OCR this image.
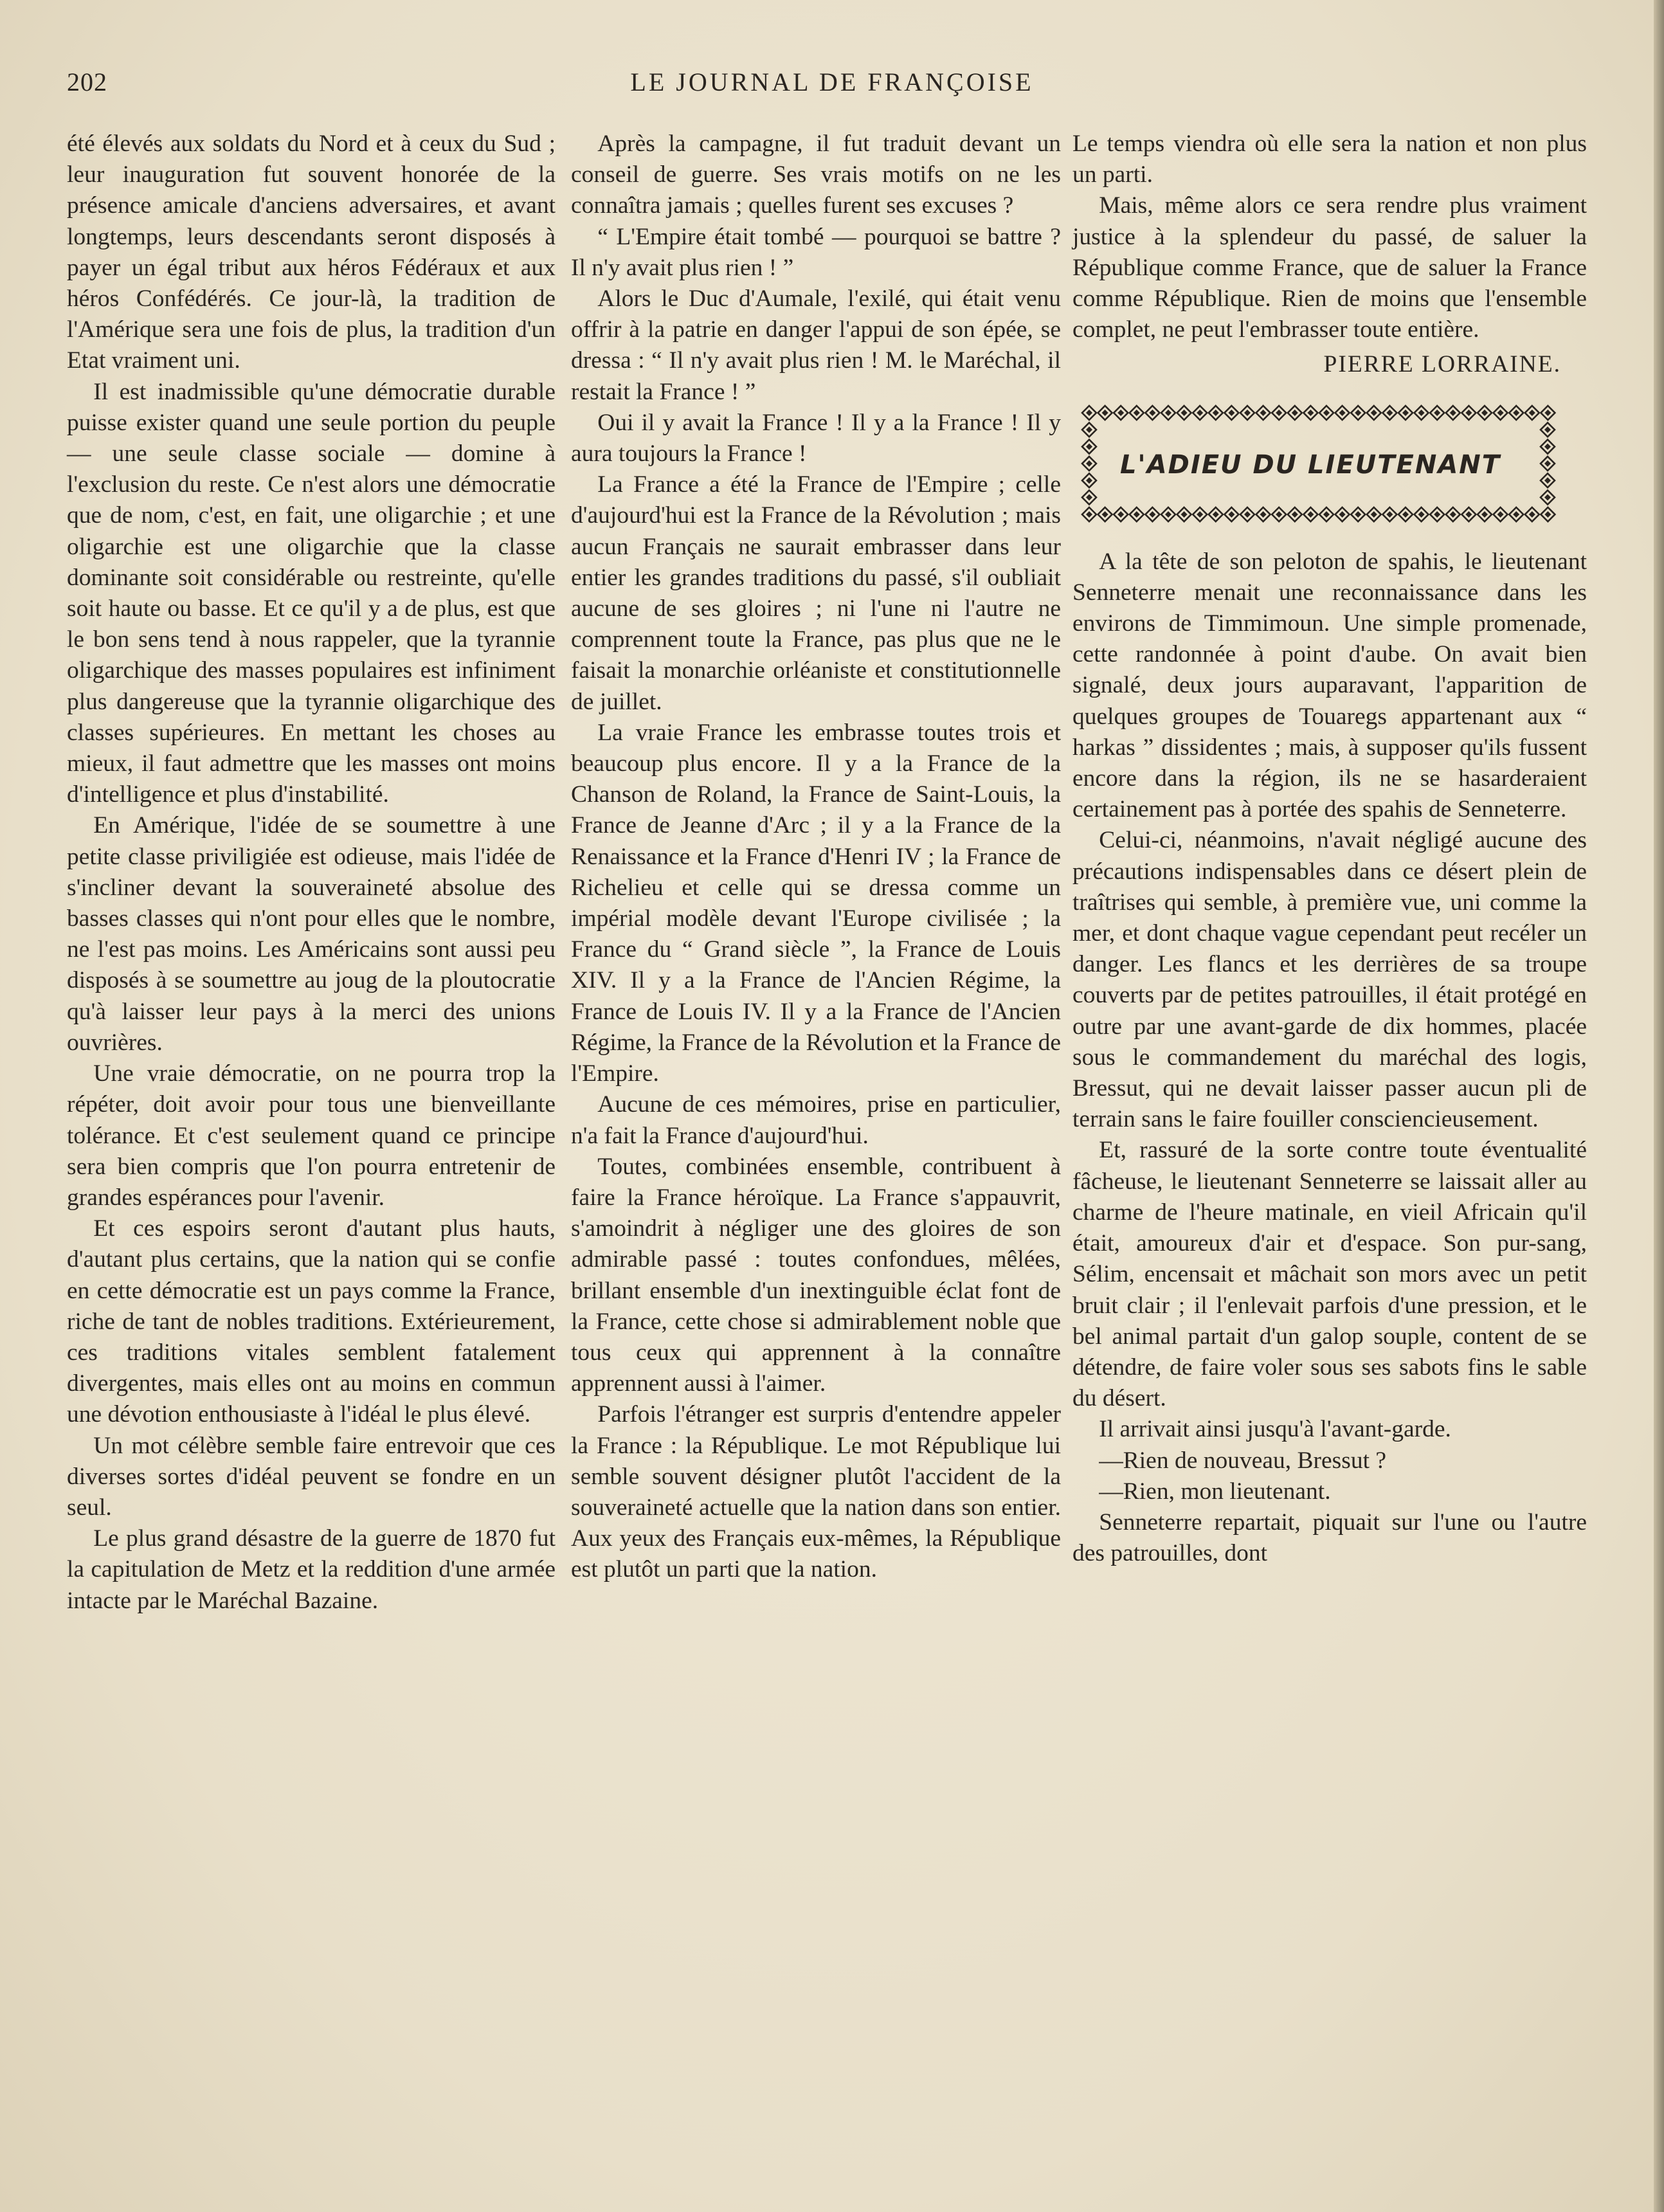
202	LE JOURNAL DE FRANÇOISE

été élevés aux soldats du Nord et à ceux du Sud ; leur inauguration fut souvent honorée de la présence amicale d'anciens adversaires, et avant longtemps, leurs descendants seront disposés à payer un égal tribut aux héros Fédéraux et aux héros Confédérés. Ce jour-là, la tradition de l'Amérique sera une fois de plus, la tradition d'un Etat vraiment uni.

Il est inadmissible qu'une démocratie durable puisse exister quand une seule portion du peuple — une seule classe sociale — domine à l'exclusion du reste. Ce n'est alors une démocratie que de nom, c'est, en fait, une oligarchie ; et une oligarchie est une oligarchie que la classe dominante soit considérable ou restreinte, qu'elle soit haute ou basse. Et ce qu'il y a de plus, est que le bon sens tend à nous rappeler, que la tyrannie oligarchique des masses populaires est infiniment plus dangereuse que la tyrannie oligarchique des classes supérieures. En mettant les choses au mieux, il faut admettre que les masses ont moins d'intelligence et plus d'instabilité.

En Amérique, l'idée de se soumettre à une petite classe priviligiée est odieuse, mais l'idée de s'incliner devant la souveraineté absolue des basses classes qui n'ont pour elles que le nombre, ne l'est pas moins. Les Américains sont aussi peu disposés à se soumettre au joug de la ploutocratie qu'à laisser leur pays à la merci des unions ouvrières.

Une vraie démocratie, on ne pourra trop la répéter, doit avoir pour tous une bienveillante tolérance. Et c'est seulement quand ce principe sera bien compris que l'on pourra entretenir de grandes espérances pour l'avenir.

Et ces espoirs seront d'autant plus hauts, d'autant plus certains, que la nation qui se confie en cette démocratie est un pays comme la France, riche de tant de nobles traditions. Extérieurement, ces traditions vitales semblent fatalement divergentes, mais elles ont au moins en commun une dévotion enthousiaste à l'idéal le plus élevé.

Un mot célèbre semble faire entrevoir que ces diverses sortes d'idéal peuvent se fondre en un seul.

Le plus grand désastre de la guerre de 1870 fut la capitulation de Metz et la reddition d'une armée intacte par le Maréchal Bazaine.

Après la campagne, il fut traduit devant un conseil de guerre. Ses vrais motifs on ne les connaîtra jamais ; quelles furent ses excuses ?

“ L'Empire était tombé — pourquoi se battre ? Il n'y avait plus rien ! ”

Alors le Duc d'Aumale, l'exilé, qui était venu offrir à la patrie en danger l'appui de son épée, se dressa : “ Il n'y avait plus rien ! M. le Maréchal, il restait la France ! ”

Oui il y avait la France ! Il y a la France ! Il y aura toujours la France !

La France a été la France de l'Empire ; celle d'aujourd'hui est la France de la Révolution ; mais aucun Français ne saurait embrasser dans leur entier les grandes traditions du passé, s'il oubliait aucune de ses gloires ; ni l'une ni l'autre ne comprennent toute la France, pas plus que ne le faisait la monarchie orléaniste et constitutionnelle de juillet.

La vraie France les embrasse toutes trois et beaucoup plus encore. Il y a la France de la Chanson de Roland, la France de Saint-Louis, la France de Jeanne d'Arc ; il y a la France de la Renaissance et la France d'Henri IV ; la France de Richelieu et celle qui se dressa comme un impérial modèle devant l'Europe civilisée ; la France du “ Grand siècle ”, la France de Louis XIV. Il y a la France de l'Ancien Régime, la France de Louis IV. Il y a la France de l'Ancien Régime, la France de la Révolution et la France de l'Empire.

Aucune de ces mémoires, prise en particulier, n'a fait la France d'aujourd'hui.

Toutes, combinées ensemble, contribuent à faire la France héroïque. La France s'appauvrit, s'amoindrit à négliger une des gloires de son admirable passé : toutes confondues, mêlées, brillant ensemble d'un inextinguible éclat font de la France, cette chose si admirablement noble que tous ceux qui apprennent à la connaître apprennent aussi à l'aimer.

Parfois l'étranger est surpris d'entendre appeler la France : la République. Le mot République lui semble souvent désigner plutôt l'accident de la souveraineté actuelle que la nation dans son entier. Aux yeux des Français eux-mêmes, la République est plutôt un parti que la nation.

Le temps viendra où elle sera la nation et non plus un parti.

Mais, même alors ce sera rendre plus vraiment justice à la splendeur du passé, de saluer la République comme France, que de saluer la France comme République. Rien de moins que l'ensemble complet, ne peut l'embrasser toute entière.

PIERRE LORRAINE.

L'ADIEU DU LIEUTENANT

A la tête de son peloton de spahis, le lieutenant Senneterre menait une reconnaissance dans les environs de Timmimoun. Une simple promenade, cette randonnée à point d'aube. On avait bien signalé, deux jours auparavant, l'apparition de quelques groupes de Touaregs appartenant aux “ harkas ” dissidentes ; mais, à supposer qu'ils fussent encore dans la région, ils ne se hasarderaient certainement pas à portée des spahis de Senneterre.

Celui-ci, néanmoins, n'avait négligé aucune des précautions indispensables dans ce désert plein de traîtrises qui semble, à première vue, uni comme la mer, et dont chaque vague cependant peut recéler un danger. Les flancs et les derrières de sa troupe couverts par de petites patrouilles, il était protégé en outre par une avant-garde de dix hommes, placée sous le commandement du maréchal des logis, Bressut, qui ne devait laisser passer aucun pli de terrain sans le faire fouiller consciencieusement.

Et, rassuré de la sorte contre toute éventualité fâcheuse, le lieutenant Senneterre se laissait aller au charme de l'heure matinale, en vieil Africain qu'il était, amoureux d'air et d'espace. Son pur-sang, Sélim, encensait et mâchait son mors avec un petit bruit clair ; il l'enlevait parfois d'une pression, et le bel animal partait d'un galop souple, content de se détendre, de faire voler sous ses sabots fins le sable du désert.

Il arrivait ainsi jusqu'à l'avant-garde.

—Rien de nouveau, Bressut ?

—Rien, mon lieutenant.

Senneterre repartait, piquait sur l'une ou l'autre des patrouilles, dont
